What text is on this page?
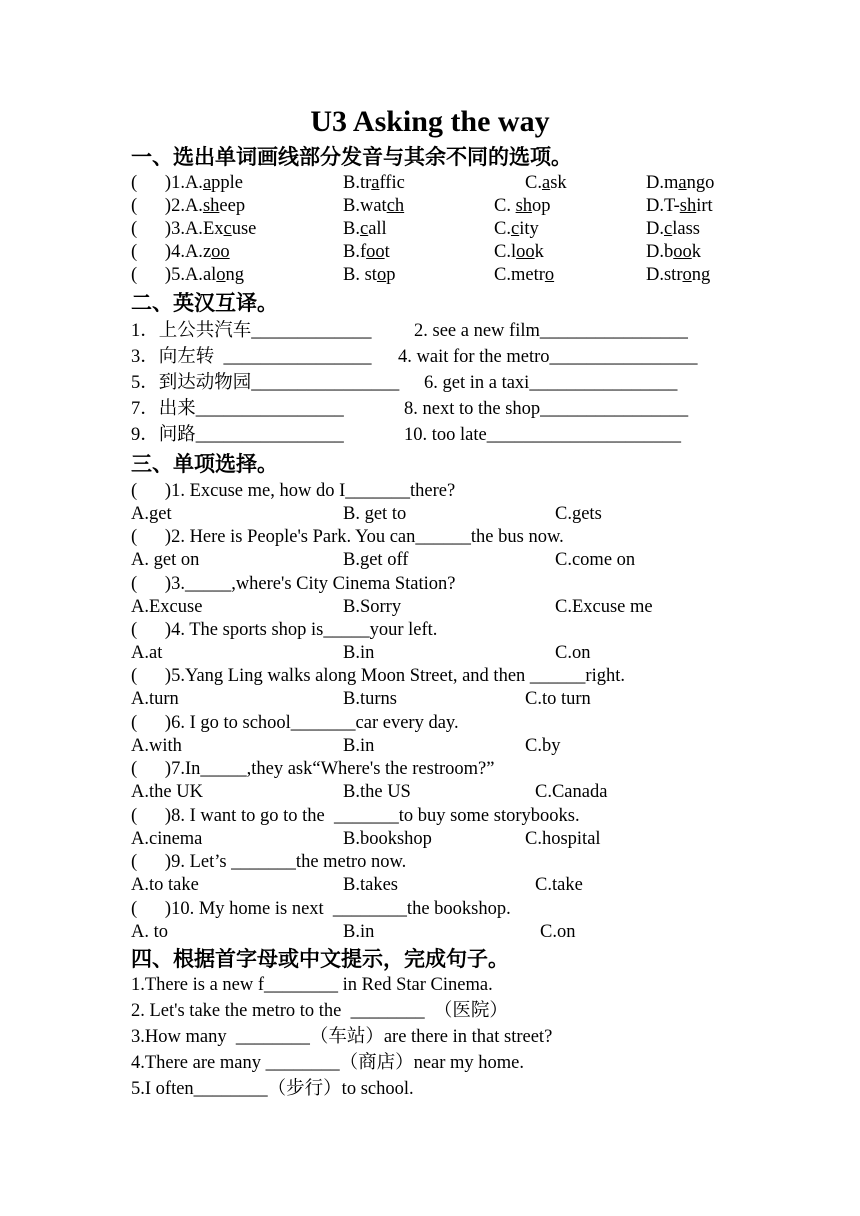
U3 Asking the way
一、选出单词画线部分发音与其余不同的选项。
(      )1.A.apple	B.traffic	C.ask	D.mango
(      )2.A.sheep	B.watch	C. shop	D.T-shirt
(      )3.A.Excuse	B.call	C.city	D.class
(      )4.A.zoo	B.foot	C.look	D.book
(      )5.A.along	B. stop	C.metro	D.strong
二、英汉互译。
1．上公共汽车_____________ 2. see a new film________________
3．向左转  ________________ 4. wait for the metro________________
5．到达动物园________________ 6. get in a taxi________________
7．出来________________	8. next to the shop________________
9．问路________________	10. too late_____________________
三、单项选择。
(      )1. Excuse me, how do I_______there?
A.get	B. get to	C.gets
(      )2. Here is People's Park. You can______the bus now.
A. get on	B.get off	C.come on
(      )3._____,where's City Cinema Station?
A.Excuse	B.Sorry	C.Excuse me
(      )4. The sports shop is_____your left.
A.at	B.in	C.on
(      )5.Yang Ling walks along Moon Street, and then ______right.
A.turn	B.turns	C.to turn
(      )6. I go to school_______car every day.
A.with	B.in	C.by
(      )7.In_____,they ask“Where's the restroom?”
A.the UK	B.the US	C.Canada
(      )8. I want to go to the  _______to buy some storybooks.
A.cinema	B.bookshop	C.hospital
(      )9. Let’s _______the metro now.
A.to take	B.takes	C.take
(      )10. My home is next  ________the bookshop.
A. to	B.in	C.on
四、根据首字母或中文提示，完成句子。
1.There is a new f________ in Red Star Cinema.
2. Let's take the metro to the  ________  （医院）
3.How many  ________（车站）are there in that street?
4.There are many ________（商店）near my home.
5.I often________（步行）to school.
